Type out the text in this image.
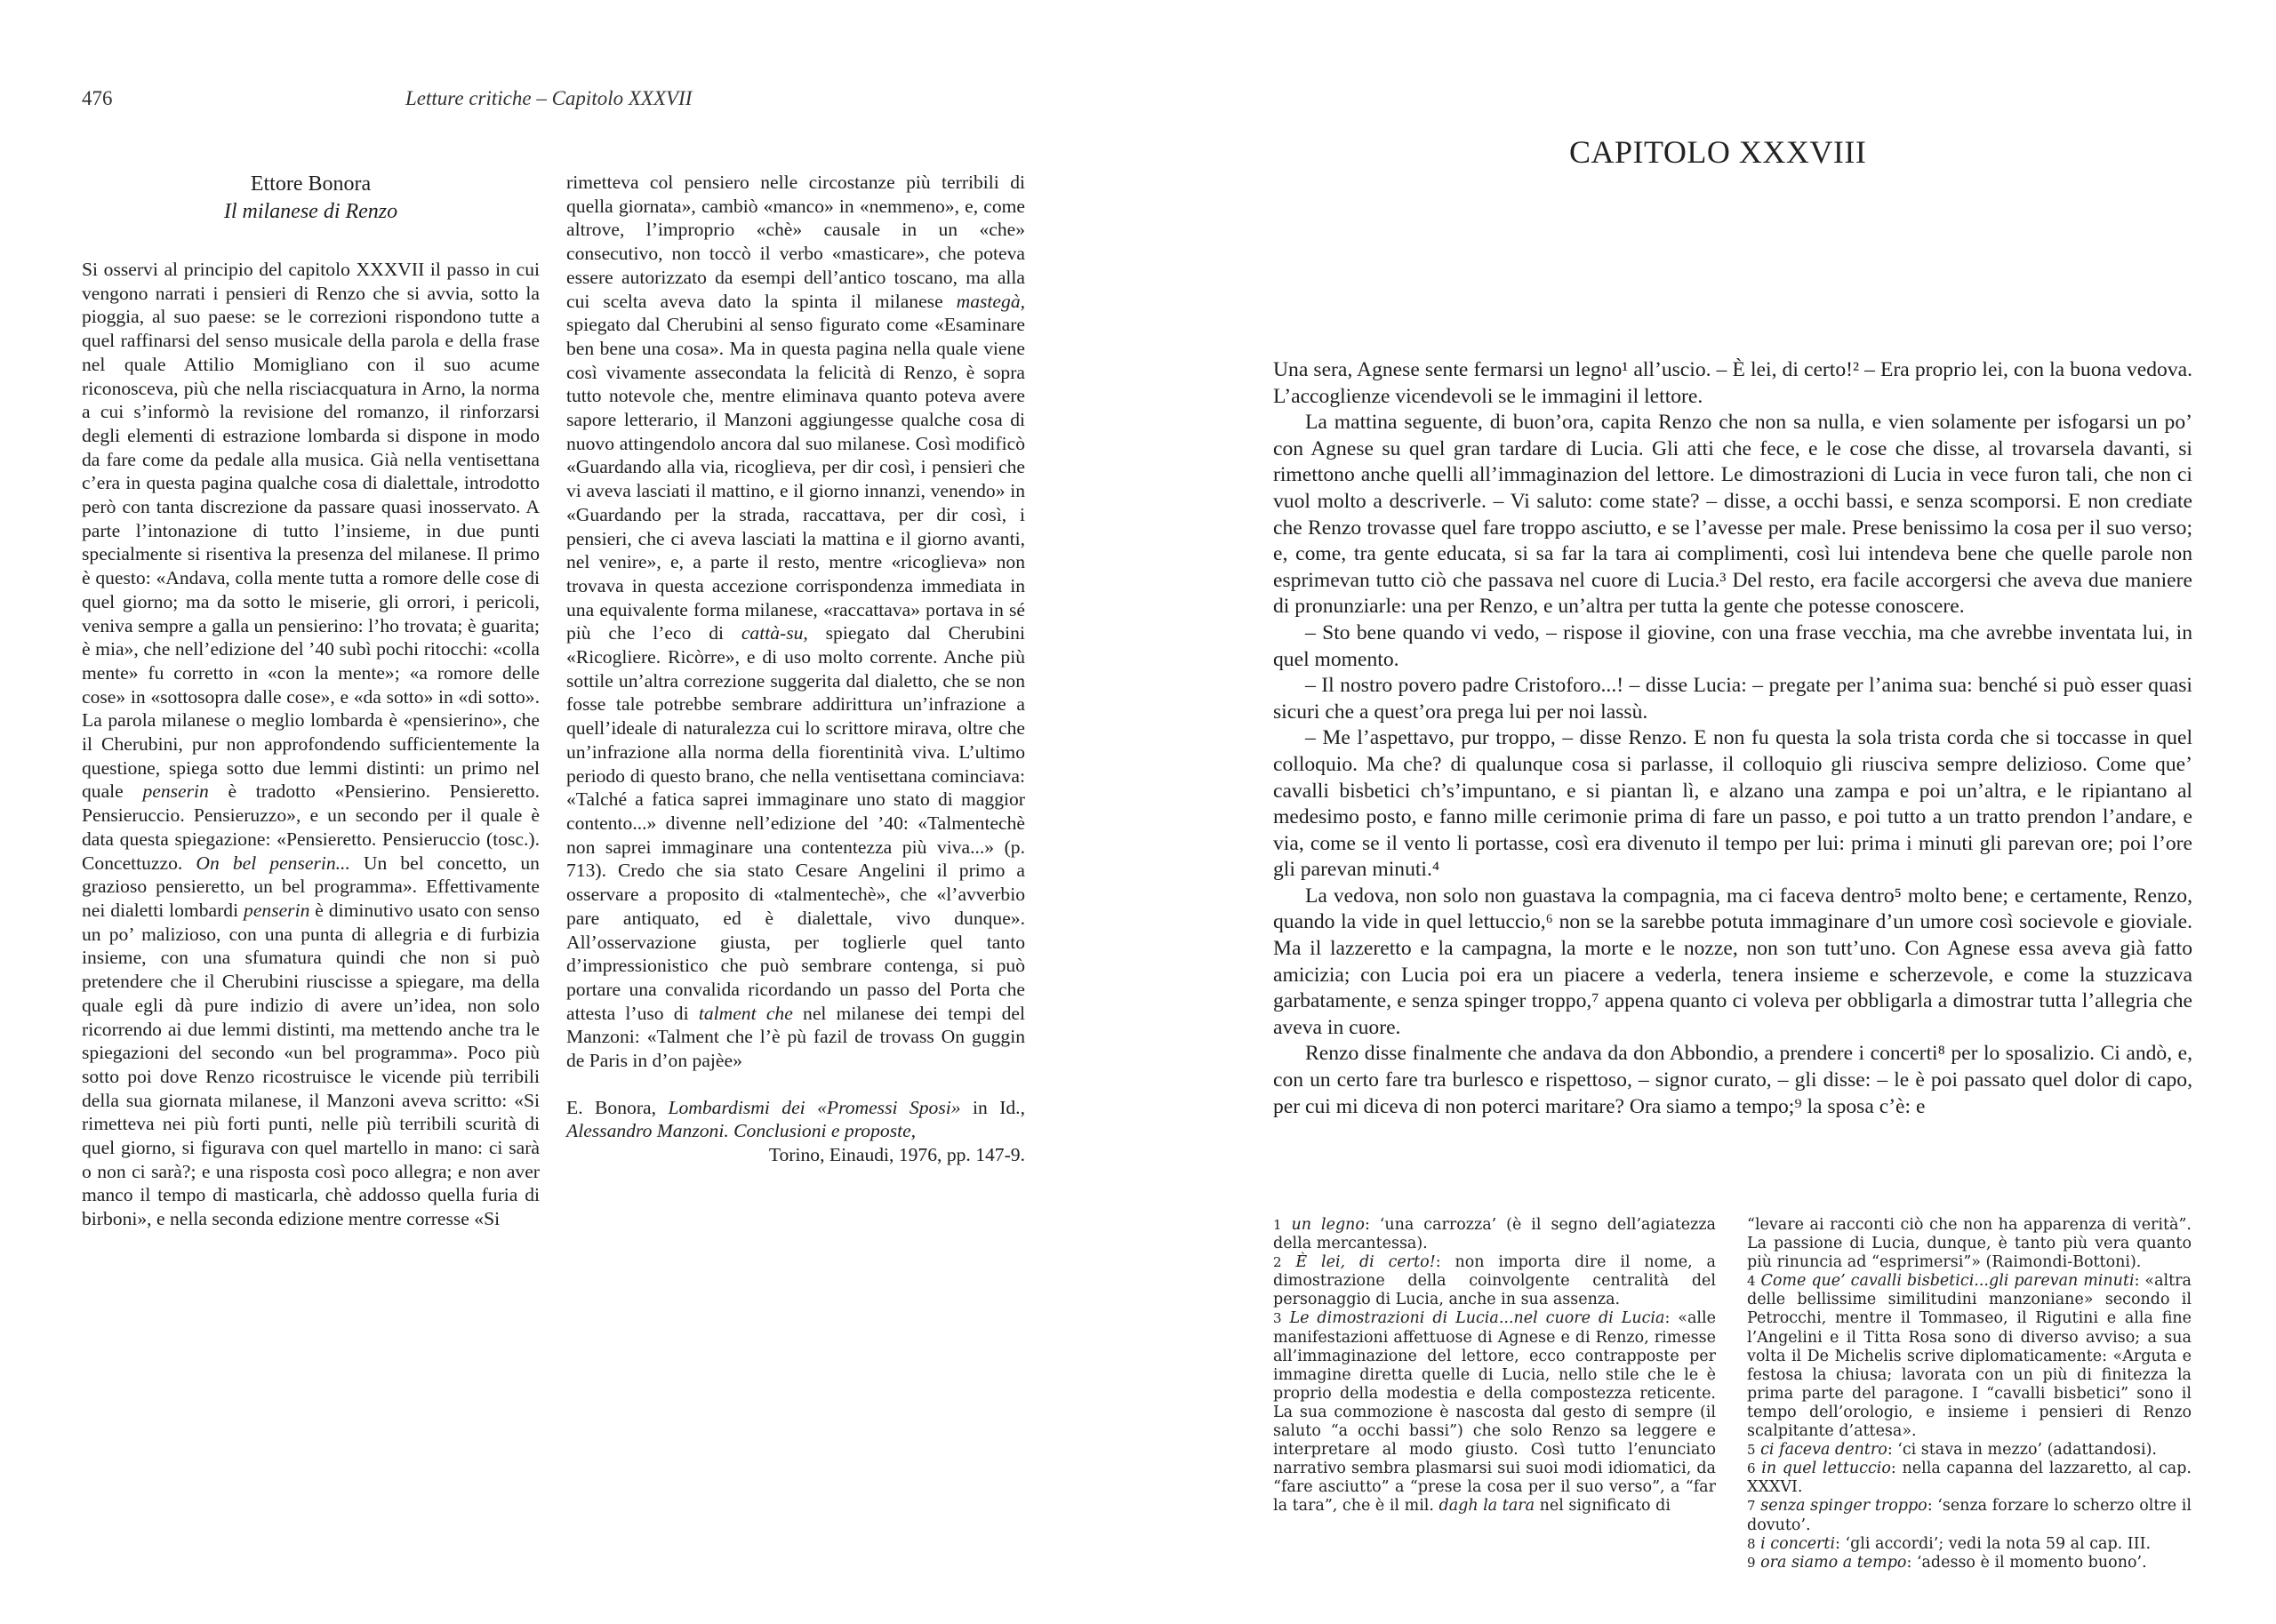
476	Letture critiche – Capitolo XXXVII
Ettore Bonora
Il milanese di Renzo

Si osservi al principio del capitolo XXXVII il passo in cui vengono narrati i pensieri di Renzo che si avvia, sotto la pioggia, al suo paese: se le correzioni rispondono tutte a quel raffinarsi del senso musicale della parola e della frase nel quale Attilio Momigliano con il suo acume riconosceva, più che nella risciacquatura in Arno, la norma a cui s’informò la revisione del romanzo, il rinforzarsi degli elementi di estrazione lombarda si dispone in modo da fare come da pedale alla musica. Già nella ventisettana c’era in questa pagina qualche cosa di dialettale, introdotto però con tanta discrezione da passare quasi inosservato. A parte l’intonazione di tutto l’insieme, in due punti specialmente si risentiva la presenza del milanese. Il primo è questo: «Andava, colla mente tutta a romore delle cose di quel giorno; ma da sotto le miserie, gli orrori, i pericoli, veniva sempre a galla un pensierino: l’ho trovata; è guarita; è mia», che nell’edizione del ’40 subì pochi ritocchi: «colla mente» fu corretto in «con la mente»; «a romore delle cose» in «sottosopra dalle cose», e «da sotto» in «di sotto». La parola milanese o meglio lombarda è «pensierino», che il Cherubini, pur non approfondendo sufficientemente la questione, spiega sotto due lemmi distinti: un primo nel quale penserin è tradotto «Pensierino. Pensieretto. Pensieruccio. Pensieruzzo», e un secondo per il quale è data questa spiegazione: «Pensieretto. Pensieruccio (tosc.). Concettuzzo. On bel penserin... Un bel concetto, un grazioso pensieretto, un bel programma». Effettivamente nei dialetti lombardi penserin è diminutivo usato con senso un po’ malizioso, con una punta di allegria e di furbizia insieme, con una sfumatura quindi che non si può pretendere che il Cherubini riuscisse a spiegare, ma della quale egli dà pure indizio di avere un’idea, non solo ricorrendo ai due lemmi distinti, ma mettendo anche tra le spiegazioni del secondo «un bel programma». Poco più sotto poi dove Renzo ricostruisce le vicende più terribili della sua giornata milanese, il Manzoni aveva scritto: «Si rimetteva nei più forti punti, nelle più terribili scurità di quel giorno, si figurava con quel martello in mano: ci sarà o non ci sarà?; e una risposta così poco allegra; e non aver manco il tempo di masticarla, chè addosso quella furia di birboni», e nella seconda edizione mentre corresse «Si

rimetteva col pensiero nelle circostanze più terribili di quella giornata», cambiò «manco» in «nemmeno», e, come altrove, l’improprio «chè» causale in un «che» consecutivo, non toccò il verbo «masticare», che poteva essere autorizzato da esempi dell’antico toscano, ma alla cui scelta aveva dato la spinta il milanese mastegà, spiegato dal Cherubini al senso figurato come «Esaminare ben bene una cosa». Ma in questa pagina nella quale viene così vivamente assecondata la felicità di Renzo, è sopra tutto notevole che, mentre eliminava quanto poteva avere sapore letterario, il Manzoni aggiungesse qualche cosa di nuovo attingendolo ancora dal suo milanese. Così modificò «Guardando alla via, ricoglieva, per dir così, i pensieri che vi aveva lasciati il mattino, e il giorno innanzi, venendo» in «Guardando per la strada, raccattava, per dir così, i pensieri, che ci aveva lasciati la mattina e il giorno avanti, nel venire», e, a parte il resto, mentre «ricoglieva» non trovava in questa accezione corrispondenza immediata in una equivalente forma milanese, «raccattava» portava in sé più che l’eco di cattà-su, spiegato dal Cherubini «Ricogliere. Ricòrre», e di uso molto corrente. Anche più sottile un’altra correzione suggerita dal dialetto, che se non fosse tale potrebbe sembrare addirittura un’infrazione a quell’ideale di naturalezza cui lo scrittore mirava, oltre che un’infrazione alla norma della fiorentinità viva. L’ultimo periodo di questo brano, che nella ventisettana cominciava: «Talché a fatica saprei immaginare uno stato di maggior contento...» divenne nell’edizione del ’40: «Talmentechè non saprei immaginare una contentezza più viva...» (p. 713). Credo che sia stato Cesare Angelini il primo a osservare a proposito di «talmentechè», che «l’avverbio pare antiquato, ed è dialettale, vivo dunque». All’osservazione giusta, per toglierle quel tanto d’impressionistico che può sembrare contenga, si può portare una convalida ricordando un passo del Porta che attesta l’uso di talment che nel milanese dei tempi del Manzoni: «Talment che l’è pù fazil de trovass On guggin de Paris in d’on pajèe»

E. Bonora, Lombardismi dei «Promessi Sposi» in Id., Alessandro Manzoni. Conclusioni e proposte,
Torino, Einaudi, 1976, pp. 147-9.

CAPITOLO XXXVIII

Una sera, Agnese sente fermarsi un legno¹ all’uscio. – È lei, di certo!² – Era proprio lei, con la buona vedova. L’accoglienze vicendevoli se le immagini il lettore.

La mattina seguente, di buon’ora, capita Renzo che non sa nulla, e vien solamente per isfogarsi un po’ con Agnese su quel gran tardare di Lucia. Gli atti che fece, e le cose che disse, al trovarsela davanti, si rimettono anche quelli all’immaginazion del lettore. Le dimostrazioni di Lucia in vece furon tali, che non ci vuol molto a descriverle. – Vi saluto: come state? – disse, a occhi bassi, e senza scomporsi. E non crediate che Renzo trovasse quel fare troppo asciutto, e se l’avesse per male. Prese benissimo la cosa per il suo verso; e, come, tra gente educata, si sa far la tara ai complimenti, così lui intendeva bene che quelle parole non esprimevan tutto ciò che passava nel cuore di Lucia.³ Del resto, era facile accorgersi che aveva due maniere di pronunziarle: una per Renzo, e un’altra per tutta la gente che potesse conoscere.

– Sto bene quando vi vedo, – rispose il giovine, con una frase vecchia, ma che avrebbe inventata lui, in quel momento.

– Il nostro povero padre Cristoforo...! – disse Lucia: – pregate per l’anima sua: benché si può esser quasi sicuri che a quest’ora prega lui per noi lassù.

– Me l’aspettavo, pur troppo, – disse Renzo. E non fu questa la sola trista corda che si toccasse in quel colloquio. Ma che? di qualunque cosa si parlasse, il colloquio gli riusciva sempre delizioso. Come que’ cavalli bisbetici ch’s’impuntano, e si piantan lì, e alzano una zampa e poi un’altra, e le ripiantano al medesimo posto, e fanno mille cerimonie prima di fare un passo, e poi tutto a un tratto prendon l’andare, e via, come se il vento li portasse, così era divenuto il tempo per lui: prima i minuti gli parevan ore; poi l’ore gli parevan minuti.⁴

La vedova, non solo non guastava la compagnia, ma ci faceva dentro⁵ molto bene; e certamente, Renzo, quando la vide in quel lettuccio,⁶ non se la sarebbe potuta immaginare d’un umore così socievole e gioviale. Ma il lazzeretto e la campagna, la morte e le nozze, non son tutt’uno. Con Agnese essa aveva già fatto amicizia; con Lucia poi era un piacere a vederla, tenera insieme e scherzevole, e come la stuzzicava garbatamente, e senza spinger troppo,⁷ appena quanto ci voleva per obbligarla a dimostrar tutta l’allegria che aveva in cuore.

Renzo disse finalmente che andava da don Abbondio, a prendere i concerti⁸ per lo sposalizio. Ci andò, e, con un certo fare tra burlesco e rispettoso, – signor curato, – gli disse: – le è poi passato quel dolor di capo, per cui mi diceva di non poterci maritare? Ora siamo a tempo;⁹ la sposa c’è: e

1 un legno: ‘una carrozza’ (è il segno dell’agiatezza della mercantessa).

2 È lei, di certo!: non importa dire il nome, a dimostrazione della coinvolgente centralità del personaggio di Lucia, anche in sua assenza.

3 Le dimostrazioni di Lucia...nel cuore di Lucia: «alle manifestazioni affettuose di Agnese e di Renzo, rimesse all’immaginazione del lettore, ecco contrapposte per immagine diretta quelle di Lucia, nello stile che le è proprio della modestia e della compostezza reticente. La sua commozione è nascosta dal gesto di sempre (il saluto “a occhi bassi”) che solo Renzo sa leggere e interpretare al modo giusto. Così tutto l’enunciato narrativo sembra plasmarsi sui suoi modi idiomatici, da “fare asciutto” a “prese la cosa per il suo verso”, a “far la tara”, che è il mil. dagh la tara nel significato di

“levare ai racconti ciò che non ha apparenza di verità”. La passione di Lucia, dunque, è tanto più vera quanto più rinuncia ad “esprimersi”» (Raimondi-Bottoni).

4 Come que’ cavalli bisbetici...gli parevan minuti: «altra delle bellissime similitudini manzoniane» secondo il Petrocchi, mentre il Tommaseo, il Rigutini e alla fine l’Angelini e il Titta Rosa sono di diverso avviso; a sua volta il De Michelis scrive diplomaticamente: «Arguta e festosa la chiusa; lavorata con un più di finitezza la prima parte del paragone. I “cavalli bisbetici” sono il tempo dell’orologio, e insieme i pensieri di Renzo scalpitante d’attesa».

5 ci faceva dentro: ‘ci stava in mezzo’ (adattandosi).

6 in quel lettuccio: nella capanna del lazzaretto, al cap. XXXVI.

7 senza spinger troppo: ‘senza forzare lo scherzo oltre il dovuto’.

8 i concerti: ‘gli accordi’; vedi la nota 59 al cap. III.

9 ora siamo a tempo: ‘adesso è il momento buono’.
